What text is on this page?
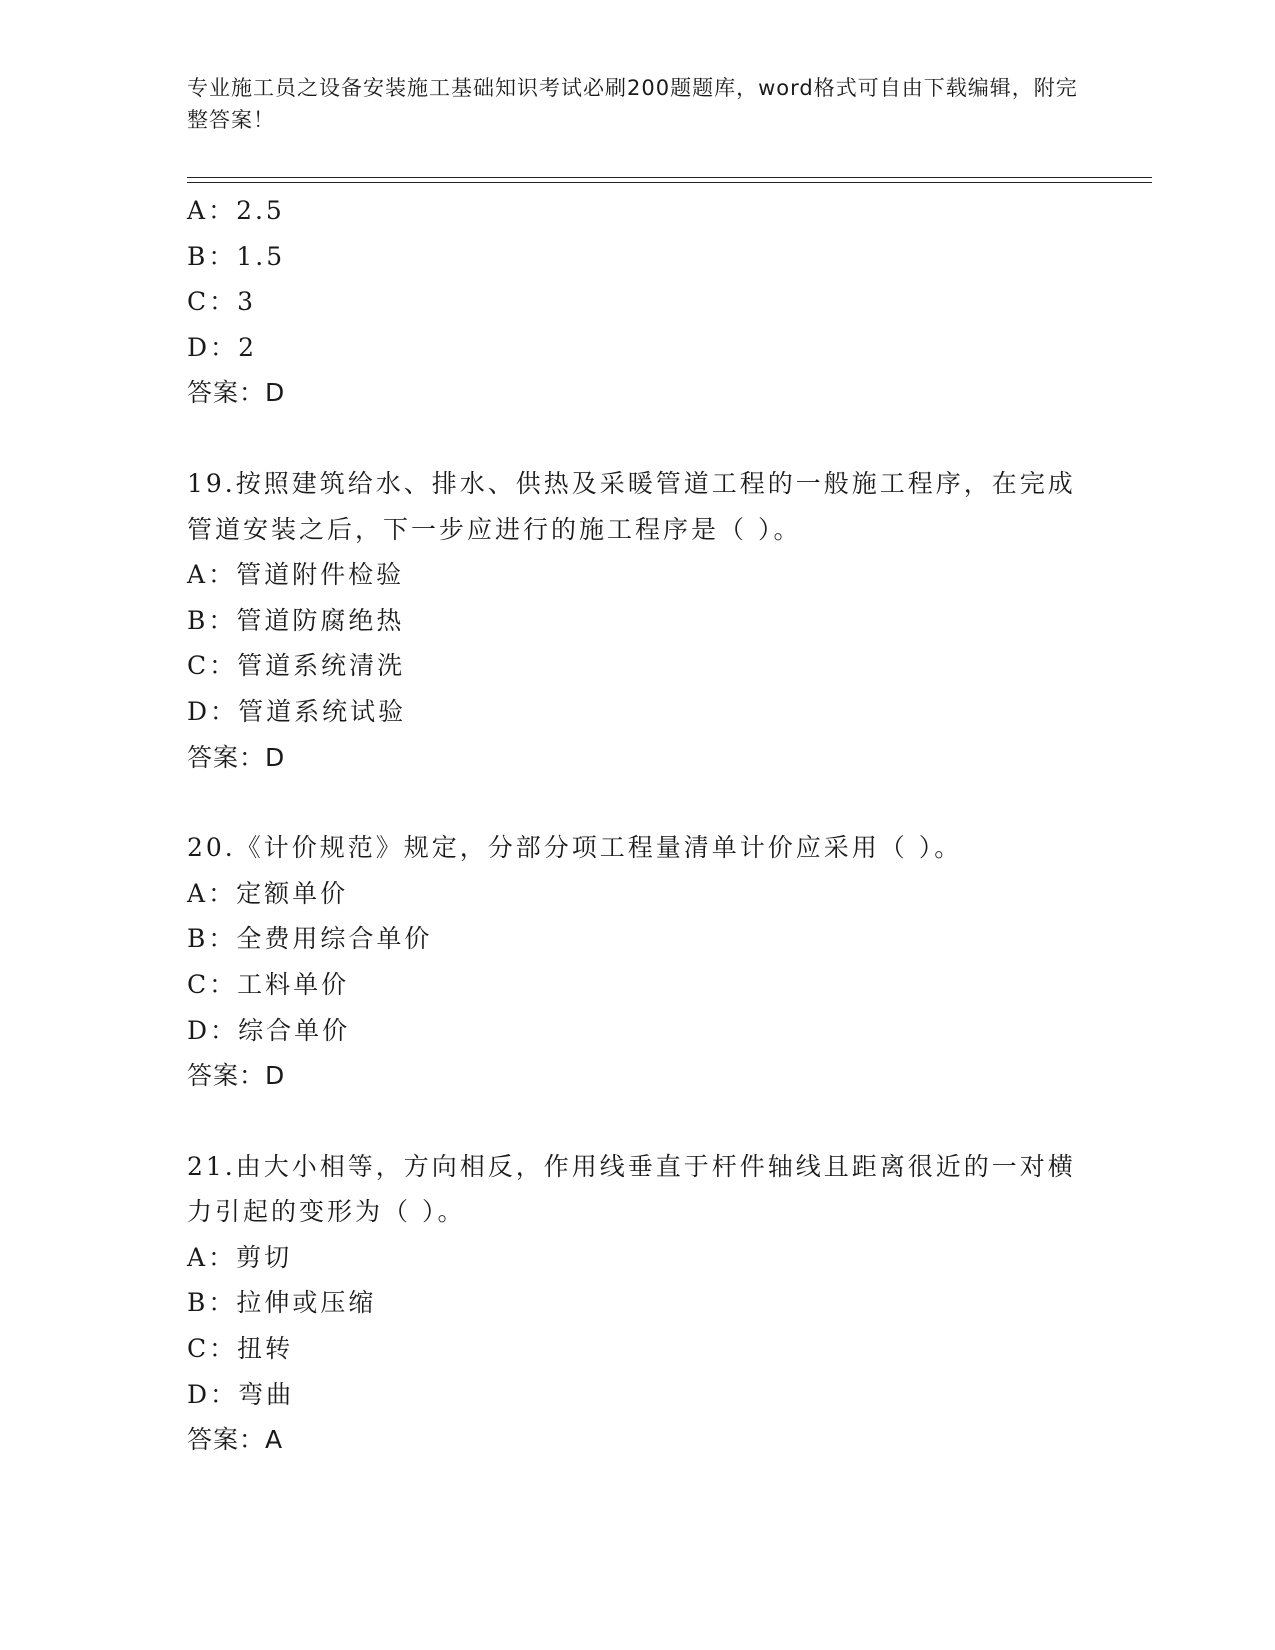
专业施工员之设备安装施工基础知识考试必刷200题题库，word格式可自由下载编辑，附完整答案！
A：2.5
B：1.5
C：3
D：2
答案：D
19.按照建筑给水、排水、供热及采暖管道工程的一般施工程序，在完成管道安装之后，下一步应进行的施工程序是（ ）。
A：管道附件检验
B：管道防腐绝热
C：管道系统清洗
D：管道系统试验
答案：D
20.《计价规范》规定，分部分项工程量清单计价应采用（ ）。
A：定额单价
B：全费用综合单价
C：工料单价
D：综合单价
答案：D
21.由大小相等，方向相反，作用线垂直于杆件轴线且距离很近的一对横力引起的变形为（ ）。
A：剪切
B：拉伸或压缩
C：扭转
D：弯曲
答案：A
